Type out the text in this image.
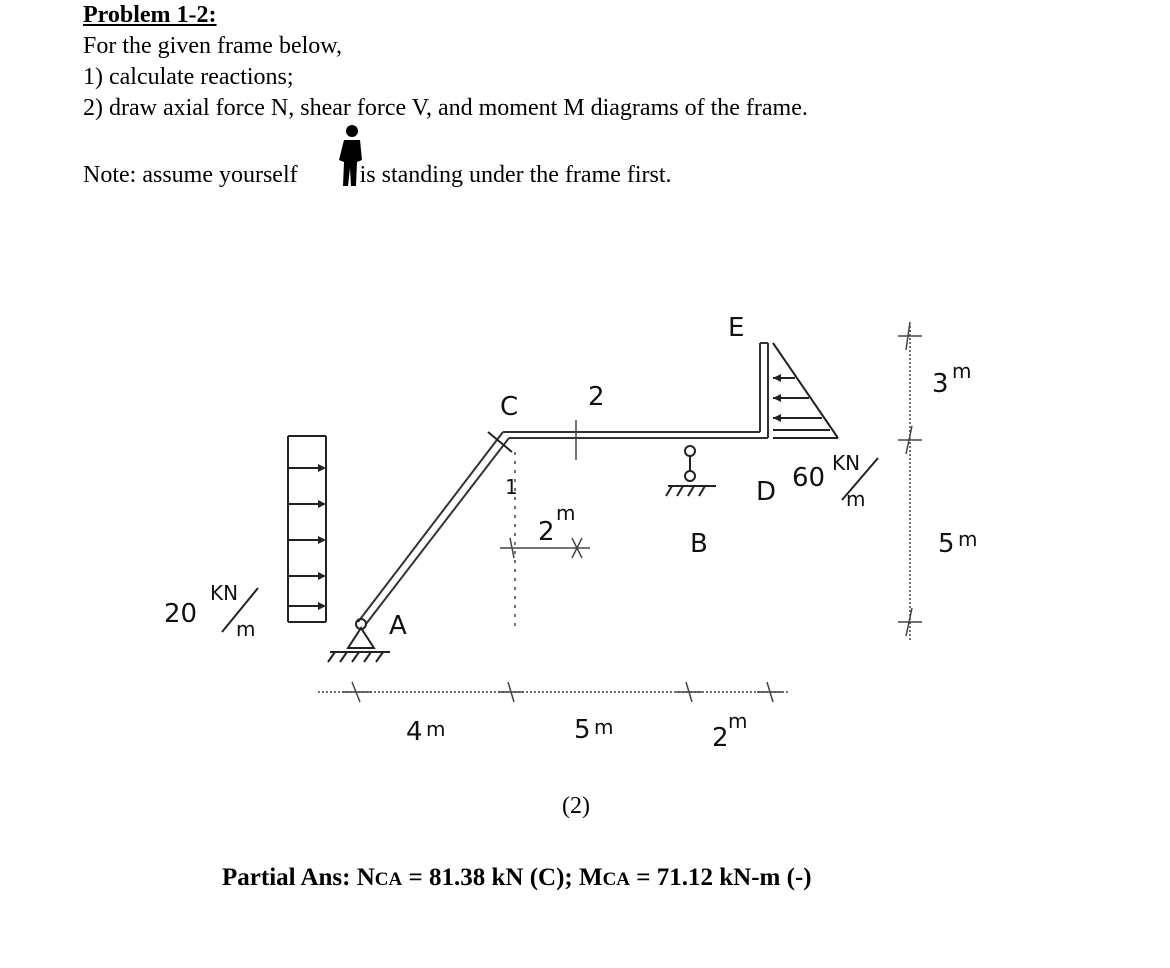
Problem 1-2:
For the given frame below,
1) calculate reactions;
2) draw axial force N, shear force V, and moment M diagrams of the frame.
Note: assume yourself	is standing under the frame first.
C
A
B
D
E
2
1
2
m
20
KN
m
60 KN
m
4 m	5 m	2
m
3 m
5 m
(2)
Partial Ans: NCA = 81.38 kN (C); MCA = 71.12 kN-m (-)
